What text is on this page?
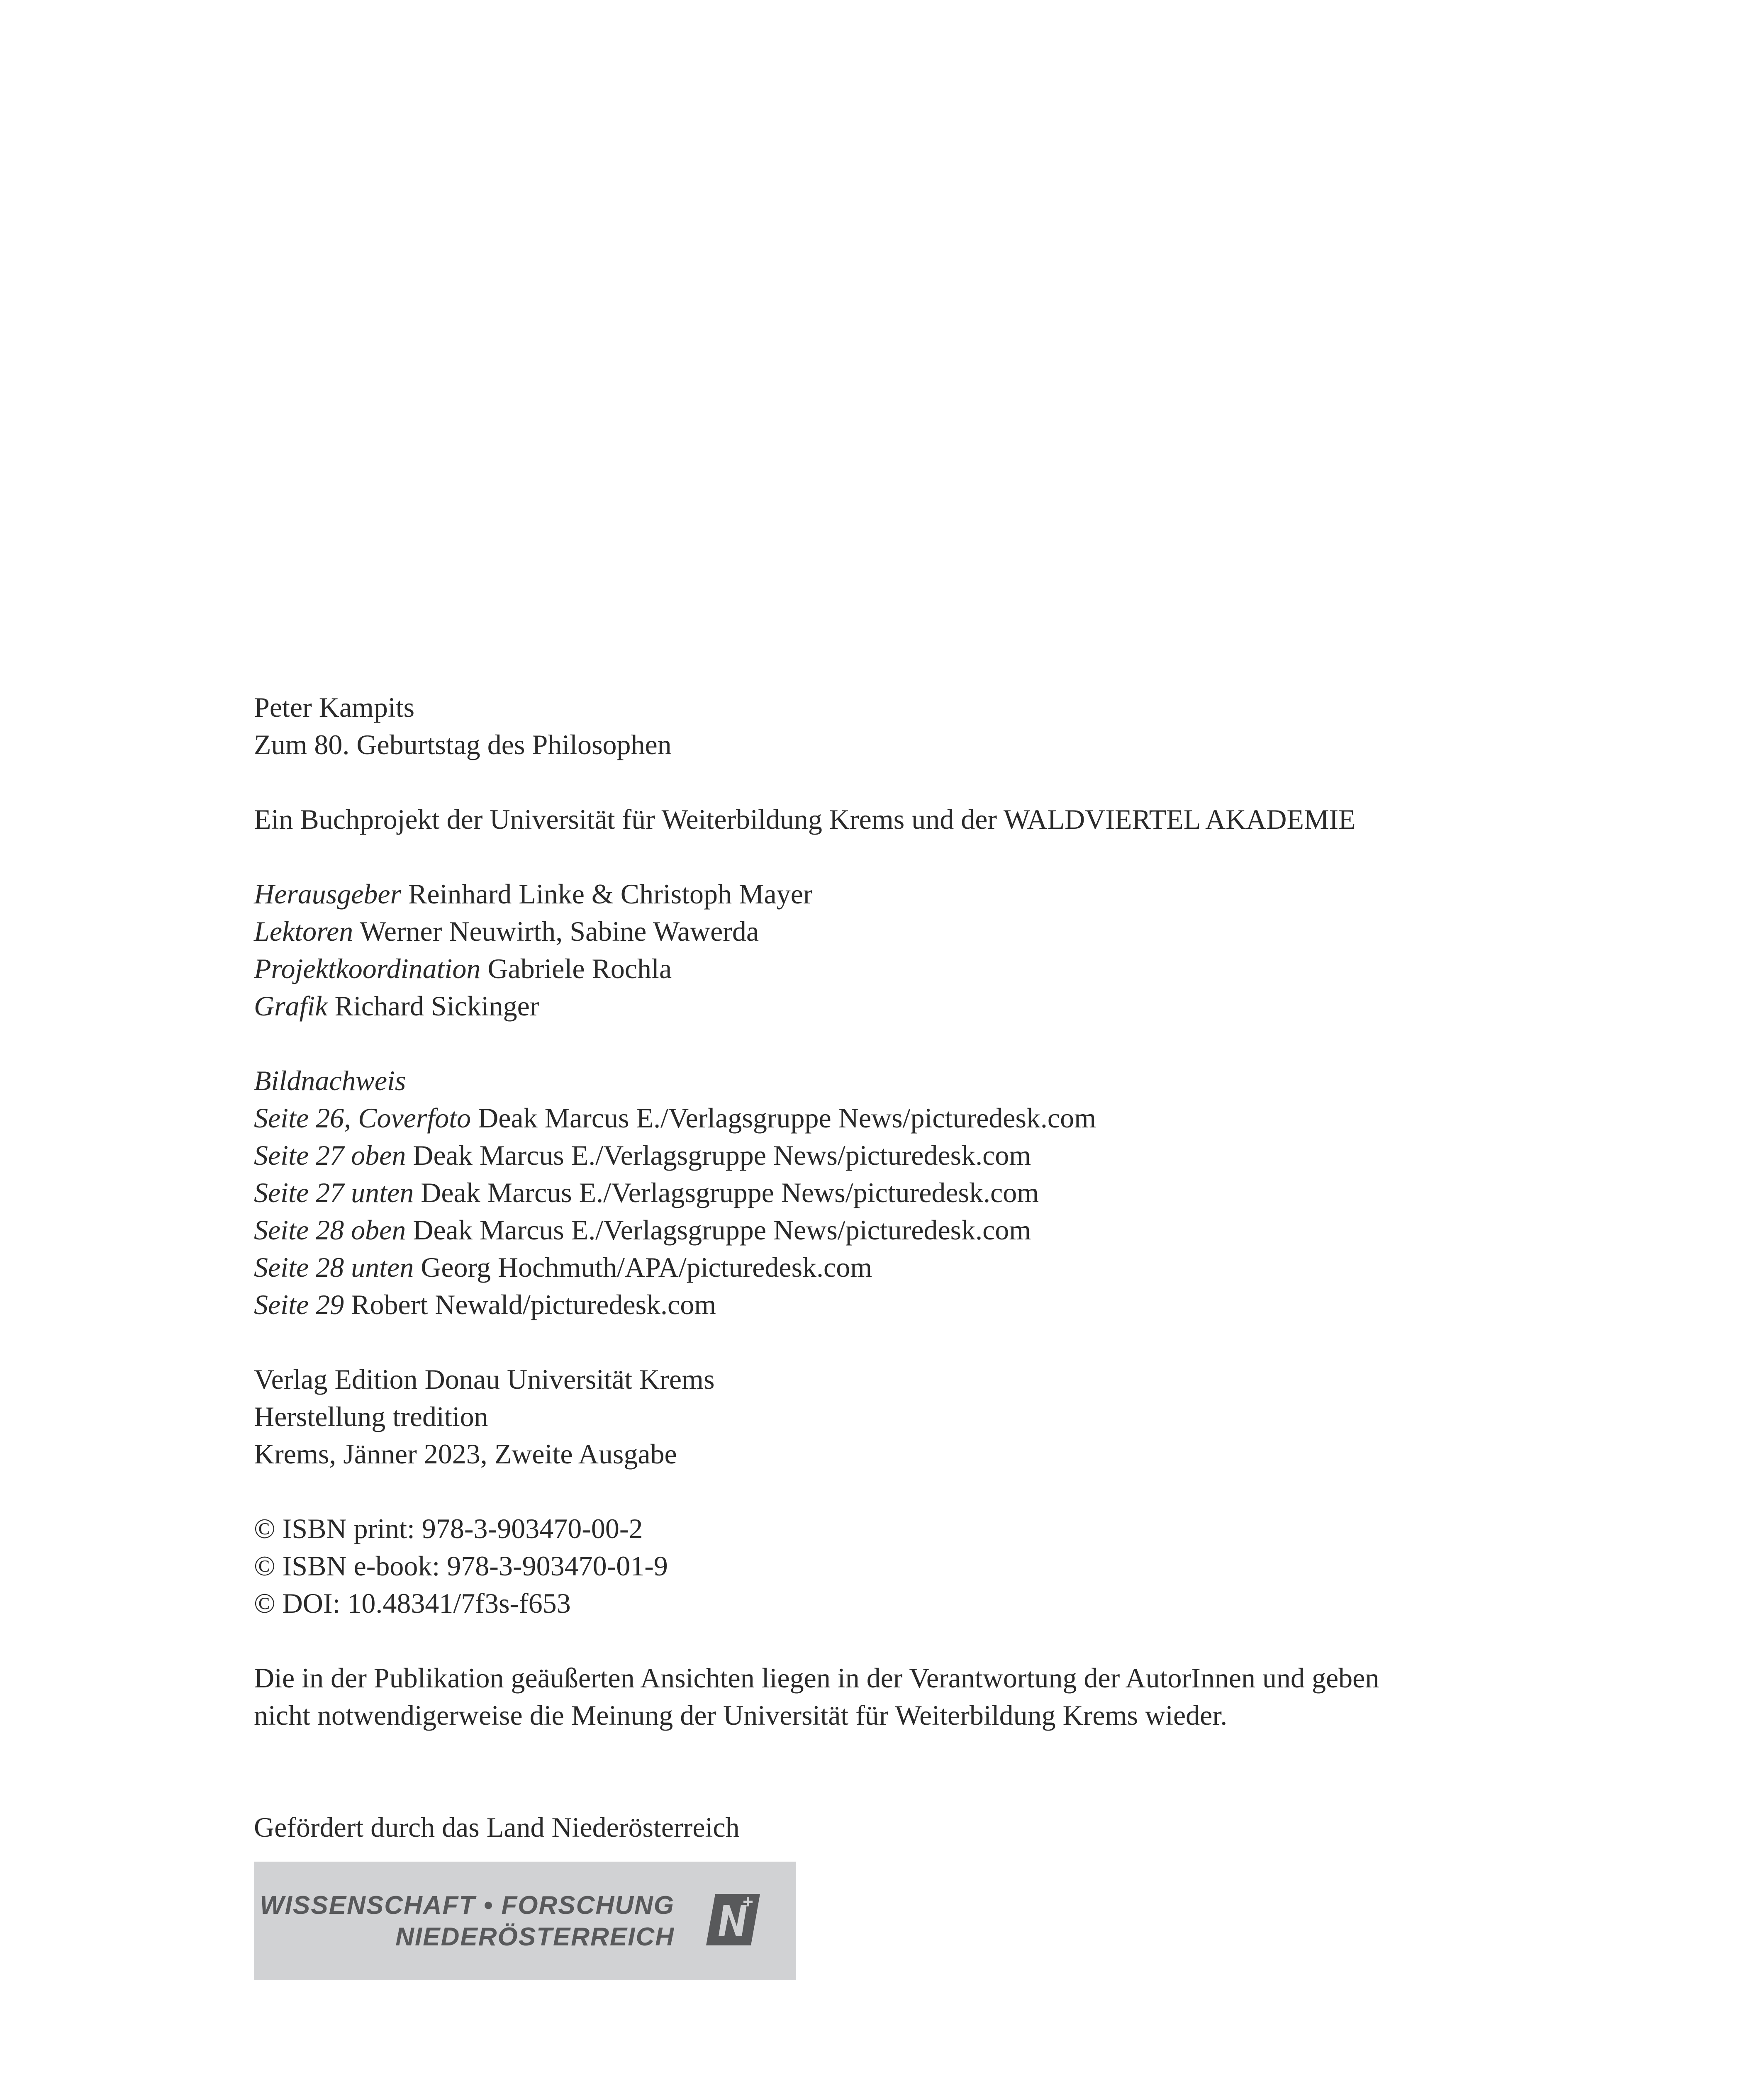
Peter Kampits
Zum 80. Geburtstag des Philosophen
Ein Buchprojekt der Universität für Weiterbildung Krems und der WALDVIERTEL AKADEMIE
Herausgeber Reinhard Linke & Christoph Mayer
Lektoren Werner Neuwirth, Sabine Wawerda
Projektkoordination Gabriele Rochla
Grafik Richard Sickinger
Bildnachweis
Seite 26, Coverfoto Deak Marcus E./Verlagsgruppe News/picturedesk.com
Seite 27 oben Deak Marcus E./Verlagsgruppe News/picturedesk.com
Seite 27 unten Deak Marcus E./Verlagsgruppe News/picturedesk.com
Seite 28 oben Deak Marcus E./Verlagsgruppe News/picturedesk.com
Seite 28 unten Georg Hochmuth/APA/picturedesk.com
Seite 29 Robert Newald/picturedesk.com
Verlag Edition Donau Universität Krems
Herstellung tredition
Krems, Jänner 2023, Zweite Ausgabe
© ISBN print: 978-3-903470-00-2
© ISBN e-book: 978-3-903470-01-9
© DOI: 10.48341/7f3s-f653
Die in der Publikation geäußerten Ansichten liegen in der Verantwortung der AutorInnen und geben
nicht notwendigerweise die Meinung der Universität für Weiterbildung Krems wieder.
Gefördert durch das Land Niederösterreich
WISSENSCHAFT • FORSCHUNG
NIEDERÖSTERREICH
